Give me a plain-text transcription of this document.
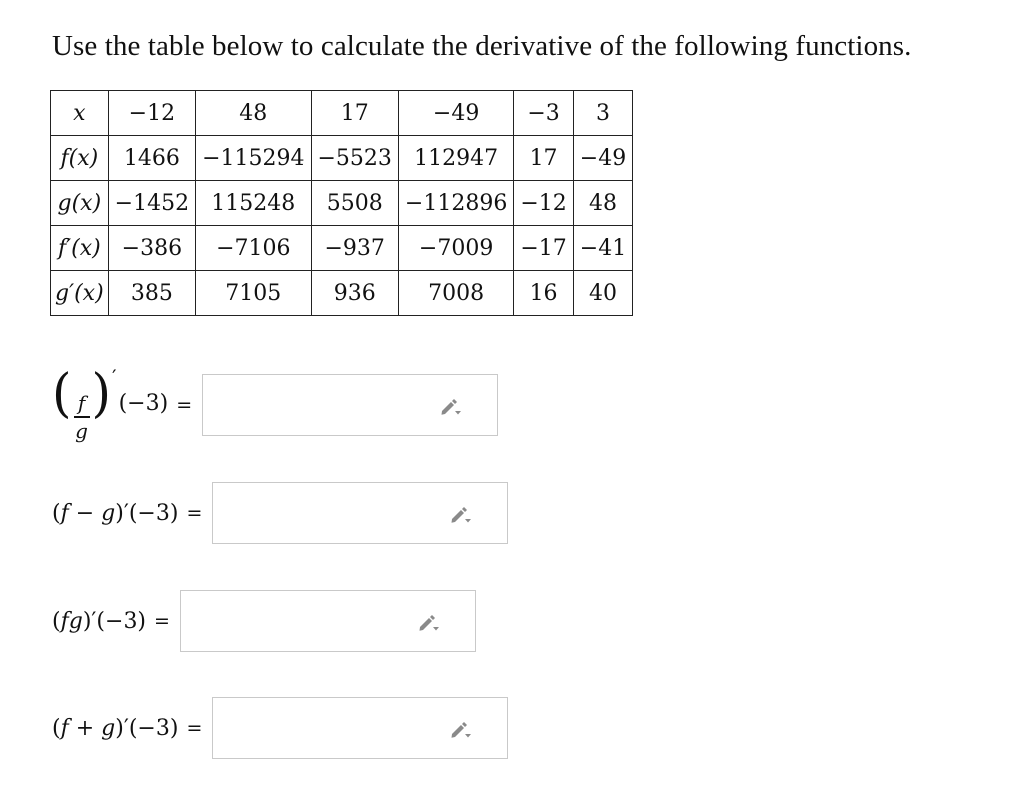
Use the table below to calculate the derivative of the following functions.
x	−12	48	17	−49	−3	3
f(x)	1466	−115294	−5523	112947	17	−49
g(x)	−1452	115248	5508	−112896	−12	48
f′(x)	−386	−7106	−937	−7009	−17	−41
g′(x)	385	7105	936	7008	16	40
( $\frac{f}{g} )'(-3)$ =
(f − g)′(−3) =
(fg)′(−3) =
(f + g)′(−3) =
